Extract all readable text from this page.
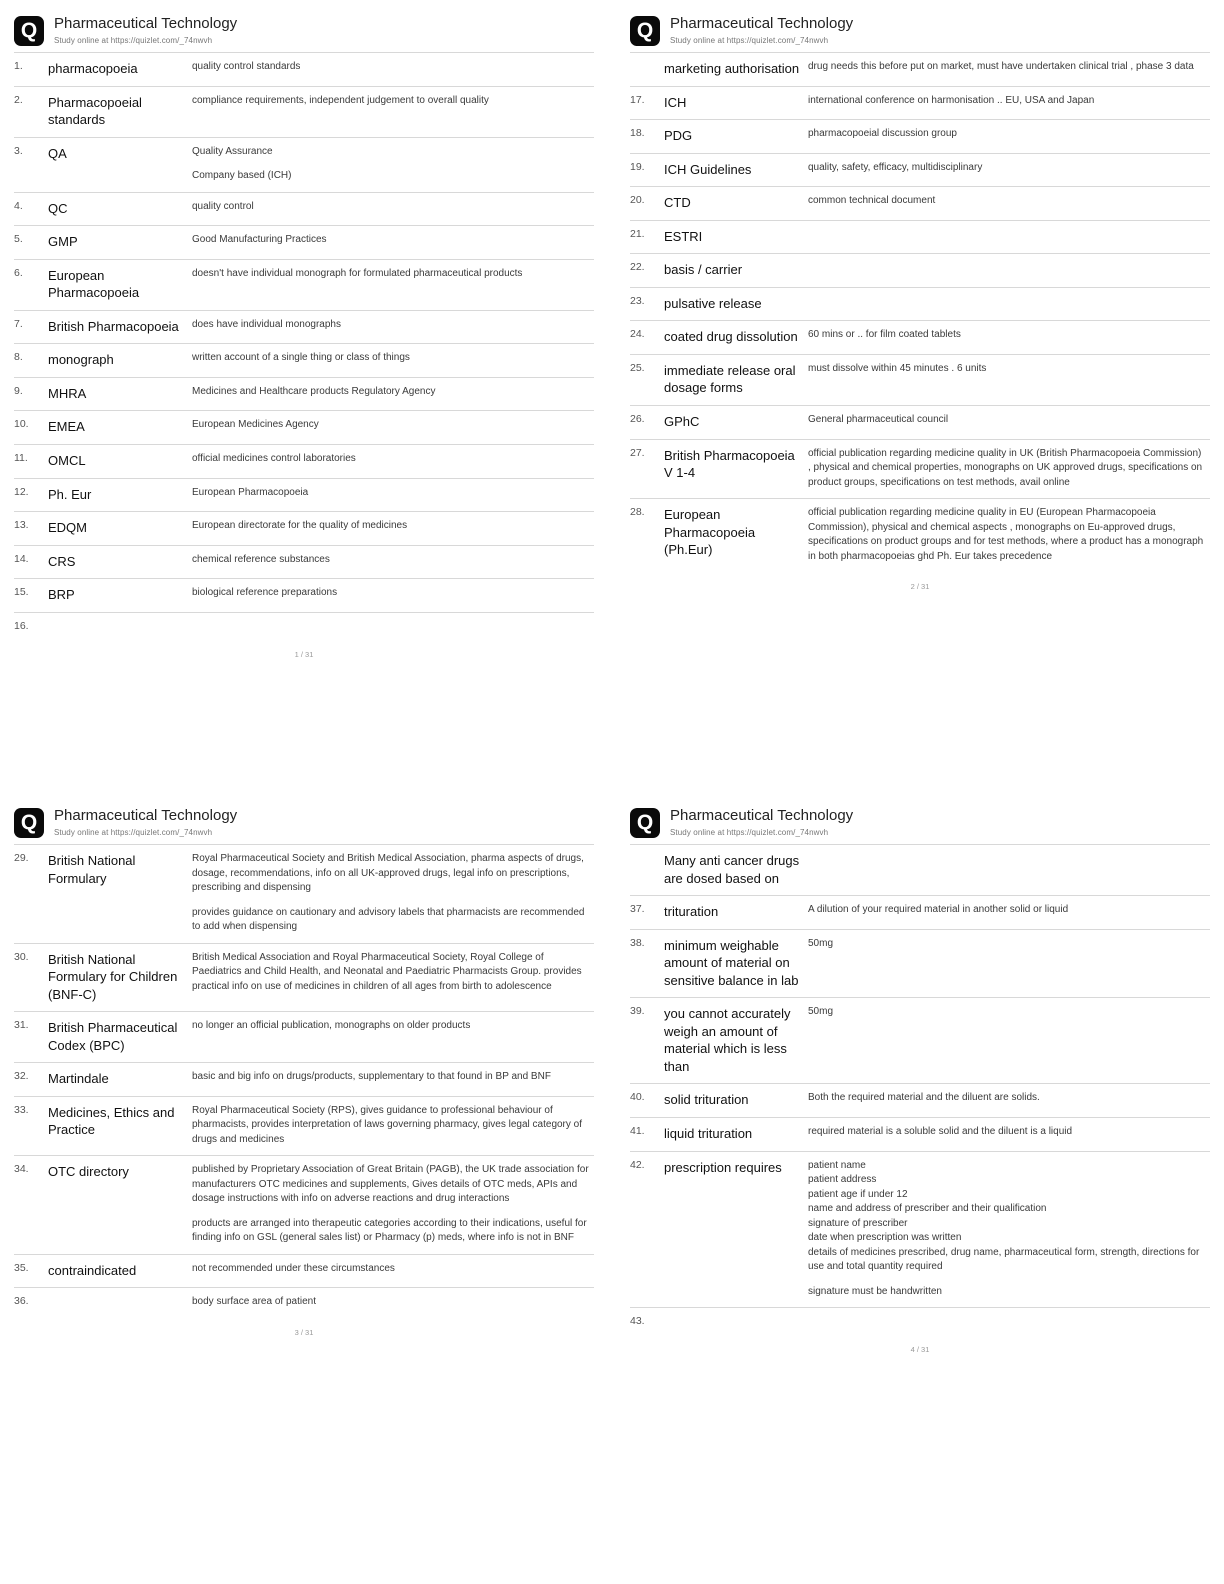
Q Pharmaceutical Technology
Study online at https://quizlet.com/_74nwvh
1.	pharmacopoeia	quality control standards

2.	Pharmacopoeial standards	compliance requirements, independent judgement to overall quality

3.	QA	Quality Assurance

Company based (ICH)

4.	QC	quality control

5.	GMP	Good Manufacturing Practices

6.	European Pharmacopoeia	doesn't have individual monograph for formulated pharmaceutical products

7.	British Pharmacopoeia	does have individual monographs

8.	monograph	written account of a single thing or class of things

9.	MHRA	Medicines and Healthcare products Regulatory Agency

10.	EMEA	European Medicines Agency

11.	OMCL	official medicines control laboratories

12.	Ph. Eur	European Pharmacopoeia

13.	EDQM	European directorate for the quality of medicines

14.	CRS	chemical reference substances

15.	BRP	biological reference preparations

16.		

1 / 31
Q Pharmaceutical Technology
Study online at https://quizlet.com/_74nwvh
	marketing authorisation	drug needs this before put on market, must have undertaken clinical trial , phase 3 data

17.	ICH	international conference on harmonisation .. EU, USA and Japan

18.	PDG	pharmacopoeial discussion group

19.	ICH Guidelines	quality, safety, efficacy, multidisciplinary

20.	CTD	common technical document

21.	ESTRI	

22.	basis / carrier	

23.	pulsative release	

24.	coated drug dissolution	60 mins or .. for film coated tablets

25.	immediate release oral dosage forms	must dissolve within 45 minutes . 6 units

26.	GPhC	General pharmaceutical council

27.	British Pharmacopoeia V 1-4	official publication regarding medicine quality in UK (British Pharmacopoeia Commission) , physical and chemical properties, monographs on UK approved drugs, specifications on product groups, specifications on test methods, avail online

28.	European Pharmacopoeia (Ph.Eur)	official publication regarding medicine quality in EU (European Pharmacopoeia Commission), physical and chemical aspects , monographs on Eu-approved drugs, specifications on product groups and for test methods, where a product has a monograph in both pharmacopoeias ghd Ph. Eur takes precedence

2 / 31
Q Pharmaceutical Technology
Study online at https://quizlet.com/_74nwvh
29.	British National Formulary	Royal Pharmaceutical Society and British Medical Association, pharma aspects of drugs, dosage, recommendations, info on all UK-approved drugs, legal info on prescriptions, prescribing and dispensing

provides guidance on cautionary and advisory labels that pharmacists are recommended to add when dispensing

30.	British National Formulary for Children (BNF-C)	British Medical Association and Royal Pharmaceutical Society, Royal College of Paediatrics and Child Health, and Neonatal and Paediatric Pharmacists Group. provides practical info on use of medicines in children of all ages from birth to adolescence

31.	British Pharmaceutical Codex (BPC)	no longer an official publication, monographs on older products

32.	Martindale	basic and big info on drugs/products, supplementary to that found in BP and BNF

33.	Medicines, Ethics and Practice	Royal Pharmaceutical Society (RPS), gives guidance to professional behaviour of pharmacists, provides interpretation of laws governing pharmacy, gives legal category of drugs and medicines

34.	OTC directory	published by Proprietary Association of Great Britain (PAGB), the UK trade association for manufacturers OTC medicines and supplements, Gives details of OTC meds, APIs and dosage instructions with info on adverse reactions and drug interactions

products are arranged into therapeutic categories according to their indications, useful for finding info on GSL (general sales list) or Pharmacy (p) meds, where info is not in BNF

35.	contraindicated	not recommended under these circumstances

36.		body surface area of patient

3 / 31
Q Pharmaceutical Technology
Study online at https://quizlet.com/_74nwvh
	Many anti cancer drugs are dosed based on	

37.	trituration	A dilution of your required material in another solid or liquid

38.	minimum weighable amount of material on sensitive balance in lab	50mg

39.	you cannot accurately weigh an amount of material which is less than	50mg

40.	solid trituration	Both the required material and the diluent are solids.

41.	liquid trituration	required material is a soluble solid and the diluent is a liquid

42.	prescription requires	patient name
patient address
patient age if under 12
name and address of prescriber and their qualification
signature of prescriber
date when prescription was written
details of medicines prescribed, drug name, pharmaceutical form, strength, directions for use and total quantity required

signature must be handwritten

43.		

4 / 31
